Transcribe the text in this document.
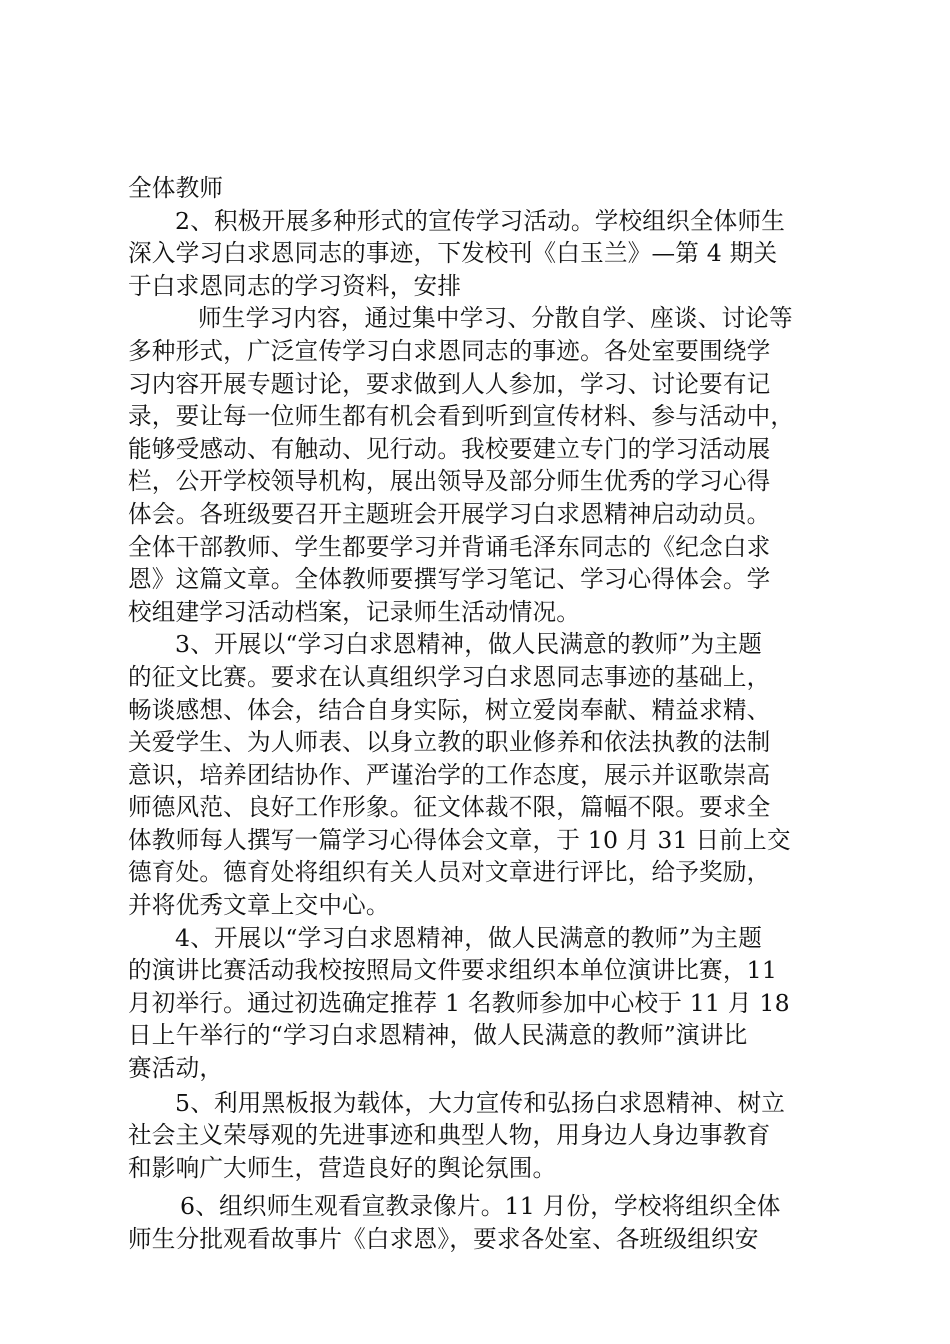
全体教师
2、积极开展多种形式的宣传学习活动。学校组织全体师生
深入学习白求恩同志的事迹，下发校刊《白玉兰》—第 4 期关
于白求恩同志的学习资料，安排
师生学习内容，通过集中学习、分散自学、座谈、讨论等
多种形式，广泛宣传学习白求恩同志的事迹。各处室要围绕学
习内容开展专题讨论，要求做到人人参加，学习、讨论要有记
录，要让每一位师生都有机会看到听到宣传材料、参与活动中，
能够受感动、有触动、见行动。我校要建立专门的学习活动展
栏，公开学校领导机构，展出领导及部分师生优秀的学习心得
体会。各班级要召开主题班会开展学习白求恩精神启动动员。
全体干部教师、学生都要学习并背诵毛泽东同志的《纪念白求
恩》这篇文章。全体教师要撰写学习笔记、学习心得体会。学
校组建学习活动档案，记录师生活动情况。
3、开展以“学习白求恩精神，做人民满意的教师”为主题
的征文比赛。要求在认真组织学习白求恩同志事迹的基础上，
畅谈感想、体会，结合自身实际，树立爱岗奉献、精益求精、
关爱学生、为人师表、以身立教的职业修养和依法执教的法制
意识，培养团结协作、严谨治学的工作态度，展示并讴歌崇高
师德风范、良好工作形象。征文体裁不限，篇幅不限。要求全
体教师每人撰写一篇学习心得体会文章，于 10 月 31 日前上交
德育处。德育处将组织有关人员对文章进行评比，给予奖励，
并将优秀文章上交中心。
4、开展以“学习白求恩精神，做人民满意的教师”为主题
的演讲比赛活动我校按照局文件要求组织本单位演讲比赛，11
月初举行。通过初选确定推荐 1 名教师参加中心校于 11 月 18
日上午举行的“学习白求恩精神，做人民满意的教师”演讲比
赛活动，
5、利用黑板报为载体，大力宣传和弘扬白求恩精神、树立
社会主义荣辱观的先进事迹和典型人物，用身边人身边事教育
和影响广大师生，营造良好的舆论氛围。
6、组织师生观看宣教录像片。11 月份，学校将组织全体
师生分批观看故事片《白求恩》，要求各处室、各班级组织安
